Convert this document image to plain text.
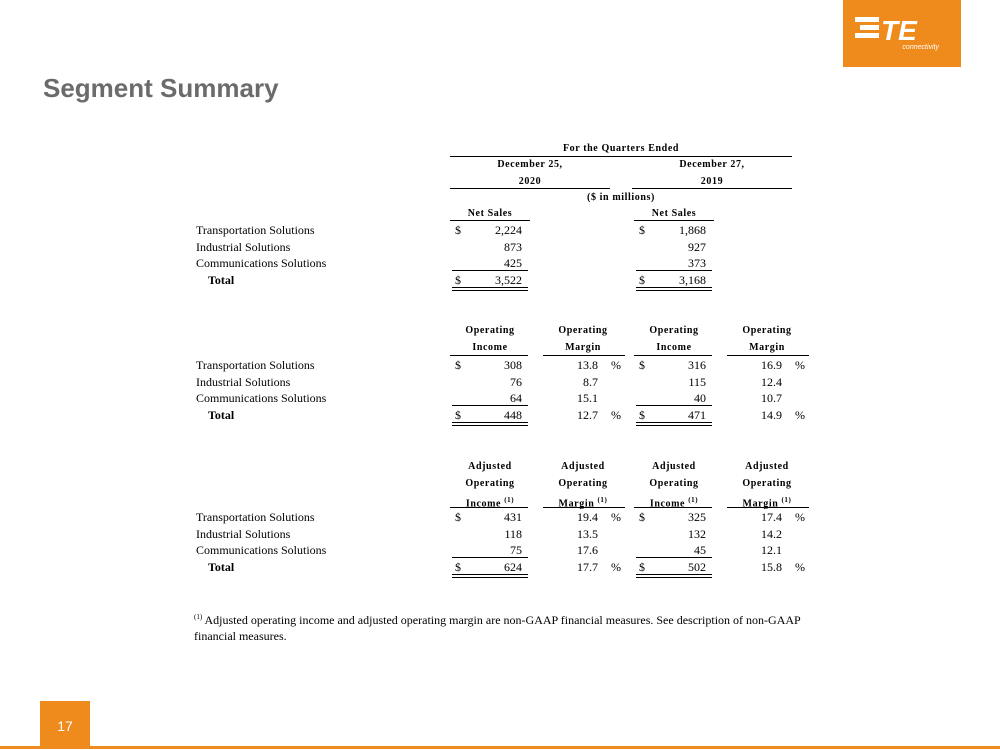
TE
connectivity
Segment Summary
For the Quarters Ended
December 25,	December 27,
2020	2019
($ in millions)
Net Sales	Net Sales
Transportation Solutions	$	2,224	$	1,868
Industrial Solutions	873	927
Communications Solutions	425	373
Total	$	3,522	$	3,168
Operating	Operating	Operating	Operating
Income	Margin	Income	Margin
Transportation Solutions	$	308	13.8 % $	316	16.9 %
Industrial Solutions	76	8.7	115	12.4
Communications Solutions	64	15.1	40	10.7
Total	$	448	12.7 % $	471	14.9 %
Adjusted	Adjusted	Adjusted	Adjusted
Operating	Operating	Operating	Operating
Income $^{(1)}$	Margin $^{(1)}$	Income $^{(1)}$	Margin $^{(1)}$
Transportation Solutions	$	431	19.4 % $	325	17.4 %
Industrial Solutions	118	13.5	132	14.2
Communications Solutions	75	17.6	45	12.1
Total	$	624	17.7 % $	502	15.8 %
$^{(1)}$ Adjusted operating income and adjusted operating margin are non-GAAP financial measures. See description of non-GAAP financial measures.
17
